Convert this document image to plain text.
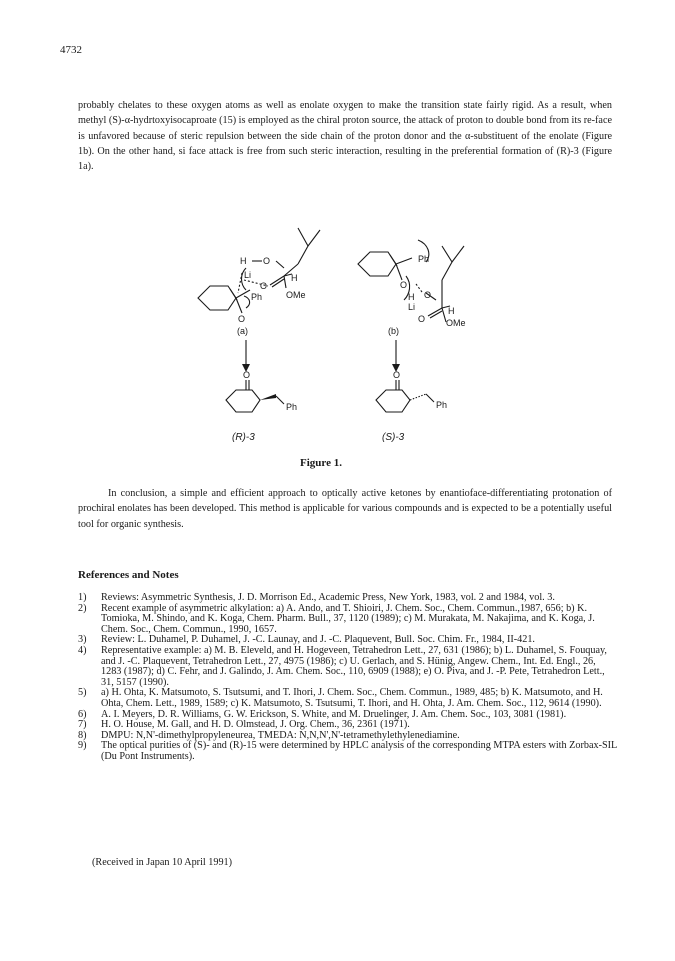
4732

probably chelates to these oxygen atoms as well as enolate oxygen to make the transition state fairly rigid. As a result, when methyl (S)-α-hydrtoxyisocaproate (15) is employed as the chiral proton source, the attack of proton to double bond from its re-face is unfavored because of steric repulsion between the side chain of the proton donor and the α-substituent of the enolate (Figure 1b). On the other hand, si face attack is free from such steric interaction, resulting in the preferential formation of (R)-3 (Figure 1a).

H O
Li	H
O
OMe
Ph
O
(a)
O
Ph
(R)-3
Ph
O
H O
Li	H
O OMe
(b)
O
Ph
(S)-3
Figure 1.

In conclusion, a simple and efficient approach to optically active ketones by enantioface-differentiating protonation of prochiral enolates has been developed. This method is applicable for various compounds and is expected to be a potentially useful tool for organic synthesis.

References and Notes
1)	Reviews: Asymmetric Synthesis, J. D. Morrison Ed., Academic Press, New York, 1983, vol. 2 and 1984, vol. 3.
2)	Recent example of asymmetric alkylation: a) A. Ando, and T. Shioiri, J. Chem. Soc., Chem. Commun.,1987, 656; b) K. Tomioka, M. Shindo, and K. Koga, Chem. Pharm. Bull., 37, 1120 (1989); c) M. Murakata, M. Nakajima, and K. Koga, J. Chem. Soc., Chem. Commun., 1990, 1657.
3)	Review: L. Duhamel, P. Duhamel, J. -C. Launay, and J. -C. Plaquevent, Bull. Soc. Chim. Fr., 1984, II-421.
4)	Representative example: a) M. B. Eleveld, and H. Hogeveen, Tetrahedron Lett., 27, 631 (1986); b) L. Duhamel, S. Fouquay, and J. -C. Plaquevent, Tetrahedron Lett., 27, 4975 (1986); c) U. Gerlach, and S. Hünig, Angew. Chem., Int. Ed. Engl., 26, 1283 (1987); d) C. Fehr, and J. Galindo, J. Am. Chem. Soc., 110, 6909 (1988); e) O. Piva, and J. -P. Pete, Tetrahedron Lett., 31, 5157 (1990).
5)	a) H. Ohta, K. Matsumoto, S. Tsutsumi, and T. Ihori, J. Chem. Soc., Chem. Commun., 1989, 485; b) K. Matsumoto, and H. Ohta, Chem. Lett., 1989, 1589; c) K. Matsumoto, S. Tsutsumi, T. Ihori, and H. Ohta, J. Am. Chem. Soc., 112, 9614 (1990).
6)	A. I. Meyers, D. R. Williams, G. W. Erickson, S. White, and M. Druelinger, J. Am. Chem. Soc., 103, 3081 (1981).
7)	H. O. House, M. Gall, and H. D. Olmstead, J. Org. Chem., 36, 2361 (1971).
8)	DMPU: N,N'-dimethylpropyleneurea, TMEDA: N,N,N',N'-tetramethylethylenediamine.
9)	The optical purities of (S)- and (R)-15 were determined by HPLC analysis of the corresponding MTPA esters with Zorbax-SIL (Du Pont Instruments).
(Received in Japan 10 April 1991)
